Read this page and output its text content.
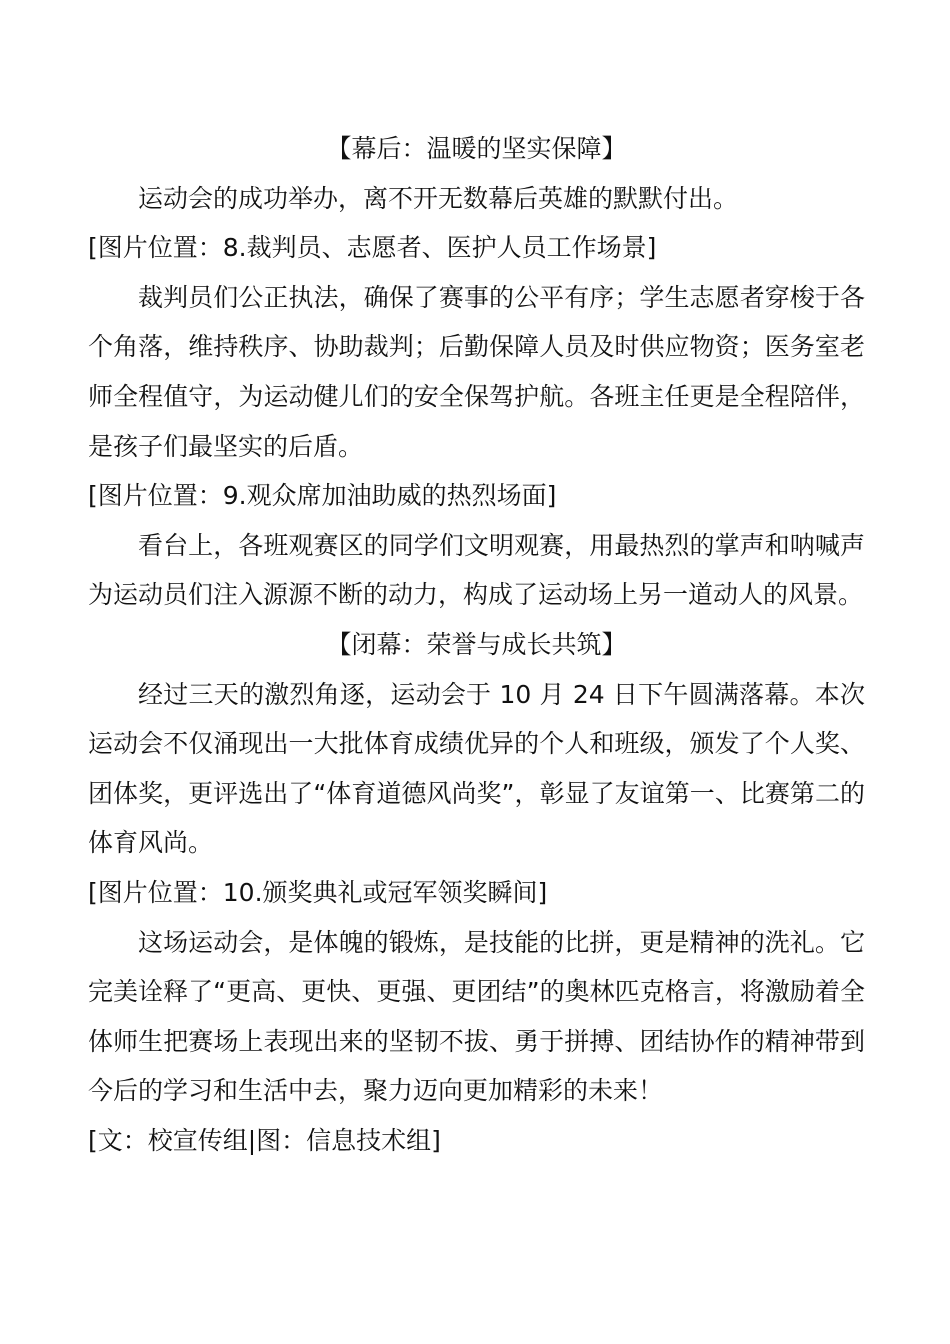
【幕后：温暖的坚实保障】

运动会的成功举办，离不开无数幕后英雄的默默付出。

[图片位置：8.裁判员、志愿者、医护人员工作场景]

裁判员们公正执法，确保了赛事的公平有序；学生志愿者穿梭于各个角落，维持秩序、协助裁判；后勤保障人员及时供应物资；医务室老师全程值守，为运动健儿们的安全保驾护航。各班主任更是全程陪伴，是孩子们最坚实的后盾。

[图片位置：9.观众席加油助威的热烈场面]

看台上，各班观赛区的同学们文明观赛，用最热烈的掌声和呐喊声为运动员们注入源源不断的动力，构成了运动场上另一道动人的风景。

【闭幕：荣誉与成长共筑】

经过三天的激烈角逐，运动会于 10 月 24 日下午圆满落幕。本次运动会不仅涌现出一大批体育成绩优异的个人和班级，颁发了个人奖、团体奖，更评选出了“体育道德风尚奖”，彰显了友谊第一、比赛第二的体育风尚。

[图片位置：10.颁奖典礼或冠军领奖瞬间]

这场运动会，是体魄的锻炼，是技能的比拼，更是精神的洗礼。它完美诠释了“更高、更快、更强、更团结”的奥林匹克格言，将激励着全体师生把赛场上表现出来的坚韧不拔、勇于拼搏、团结协作的精神带到今后的学习和生活中去，聚力迈向更加精彩的未来！

[文：校宣传组|图：信息技术组]
